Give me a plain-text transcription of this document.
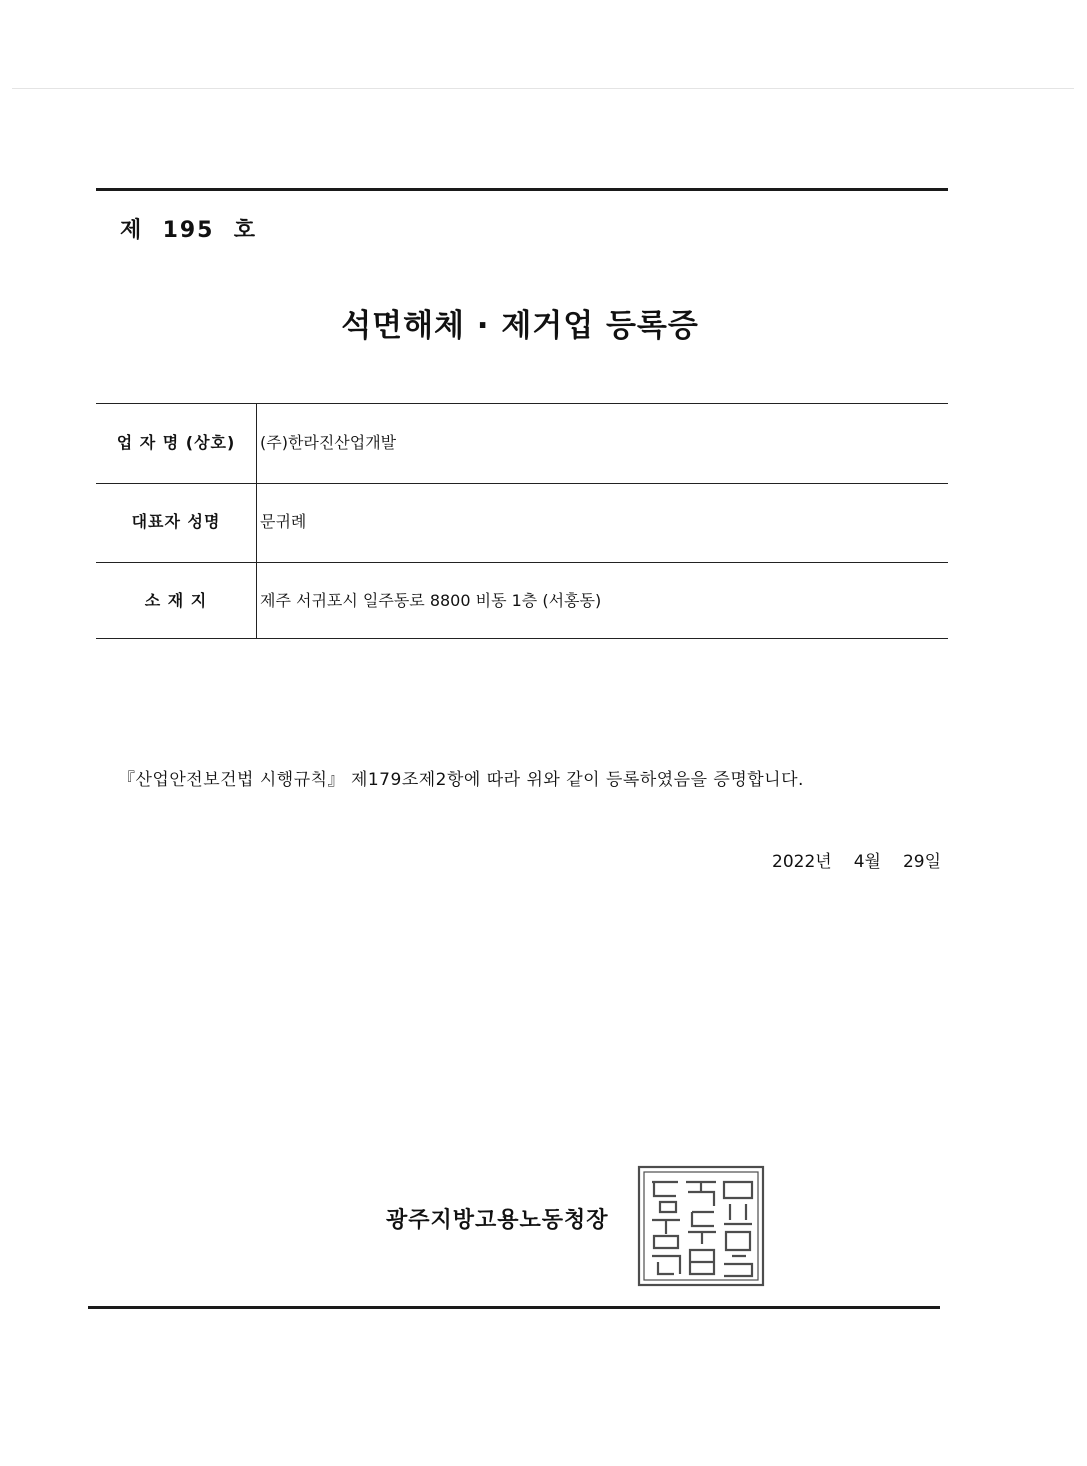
제  195  호
석면해체 · 제거업 등록증
업 자 명 (상호)	(주)한라진산업개발
대표자 성명	문귀례
소 재 지	제주 서귀포시 일주동로 8800 비동 1층 (서홍동)
『산업안전보건법 시행규칙』 제179조제2항에 따라 위와 같이 등록하였음을 증명합니다.
2022년 4월 29일
광주지방고용노동청장
